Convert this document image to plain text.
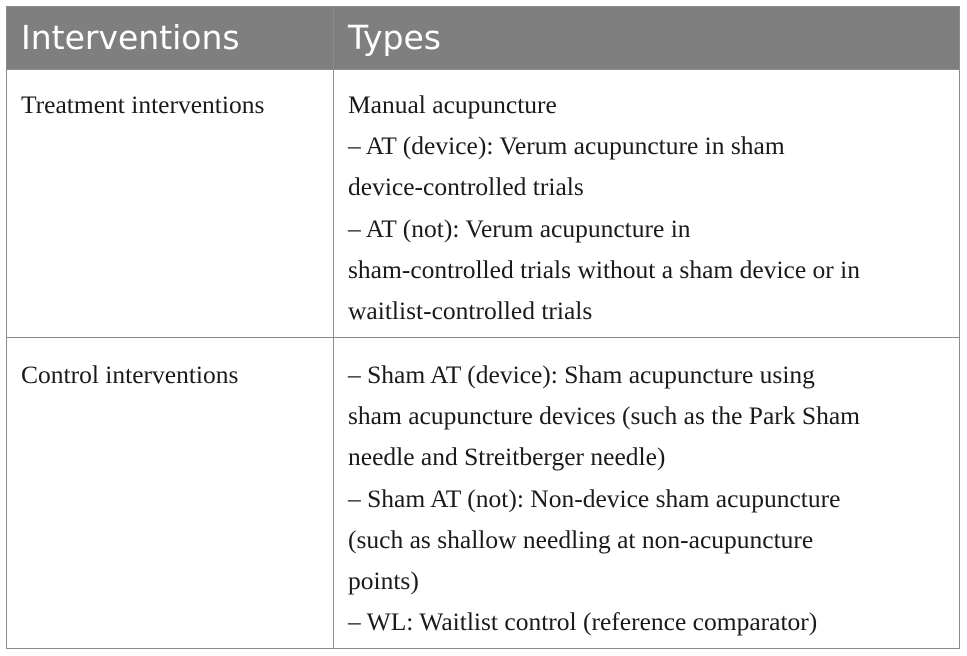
Interventions	Types
Treatment interventions	Manual acupuncture
– AT (device): Verum acupuncture in sham
device-controlled trials
– AT (not): Verum acupuncture in
sham-controlled trials without a sham device or in
waitlist-controlled trials
Control interventions	– Sham AT (device): Sham acupuncture using
sham acupuncture devices (such as the Park Sham
needle and Streitberger needle)
– Sham AT (not): Non-device sham acupuncture
(such as shallow needling at non-acupuncture
points)
– WL: Waitlist control (reference comparator)
